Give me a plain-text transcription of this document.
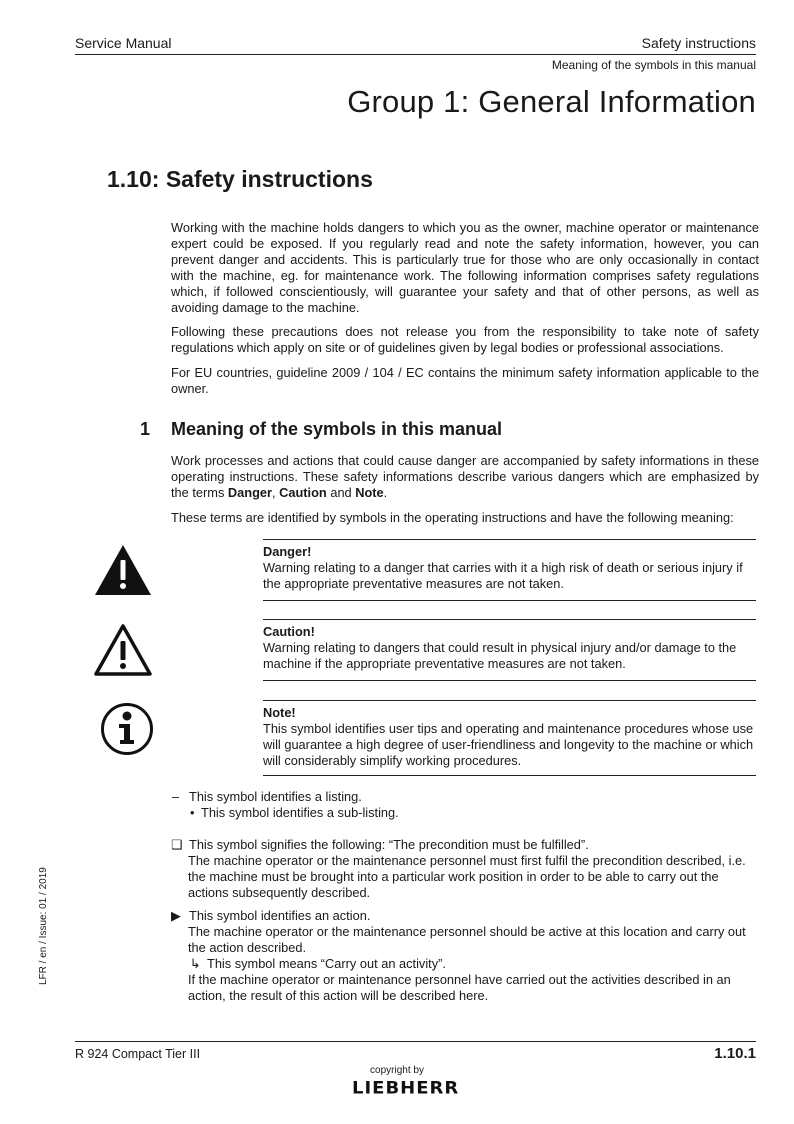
Service Manual	Safety instructions
Meaning of the symbols in this manual
Group 1: General Information
1.10: Safety instructions

Working with the machine holds dangers to which you as the owner, machine operator or maintenance expert could be exposed. If you regularly read and note the safety information, however, you can prevent danger and accidents. This is particularly true for those who are only occasionally in contact with the machine, eg. for maintenance work. The following information comprises safety regulations which, if followed conscientiously, will guarantee your safety and that of other persons, as well as avoiding damage to the machine.

Following these precautions does not release you from the responsibility to take note of safety regulations which apply on site or of guidelines given by legal bodies or professional associations.

For EU countries, guideline 2009 / 104 / EC contains the minimum safety information applicable to the owner.

1 Meaning of the symbols in this manual

Work processes and actions that could cause danger are accompanied by safety informations in these operating instructions. These safety informations describe various dangers which are emphasized by the terms Danger, Caution and Note.

These terms are identified by symbols in the operating instructions and have the following meaning:

Danger!
Warning relating to a danger that carries with it a high risk of death or serious injury if the appropriate preventative measures are not taken.
Caution!
Warning relating to dangers that could result in physical injury and/or damage to the machine if the appropriate preventative measures are not taken.
Note!
This symbol identifies user tips and operating and maintenance procedures whose use will guarantee a high degree of user-friendliness and longevity to the machine or which will considerably simplify working procedures.
– This symbol identifies a listing.
• This symbol identifies a sub-listing.
❑ This symbol signifies the following: “The precondition must be fulfilled”.

The machine operator or the maintenance personnel must first fulfil the precondition described, i.e. the machine must be brought into a particular work position in order to be able to carry out the actions subsequently described.

▶ This symbol identifies an action.

The machine operator or the maintenance personnel should be active at this location and carry out the action described.

↳ This symbol means “Carry out an activity”.

If the machine operator or maintenance personnel have carried out the activities described in an action, the result of this action will be described here.

LFR / en / Issue: 01 / 2019
R 924 Compact Tier III	1.10.1
copyright by
LIEBHERR
